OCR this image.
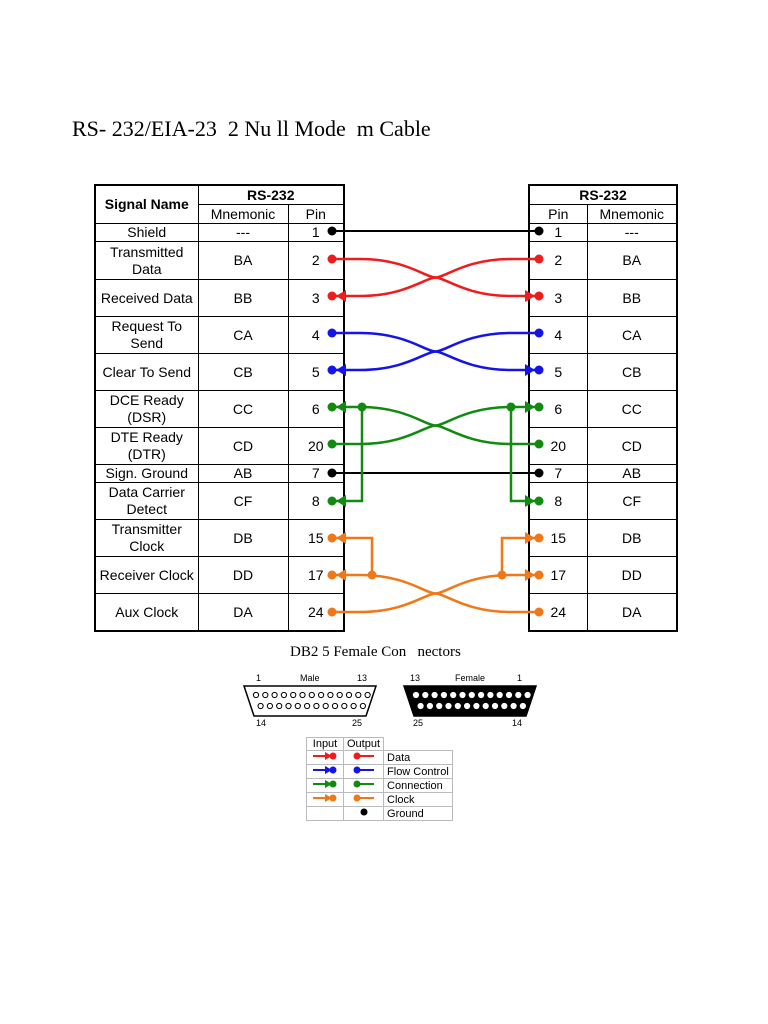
RS- 232/EIA-23  2 Nu ll Mode  m Cable
Signal Name	RS-232	
	Mnemonic	Pin
Shield	---	1
Transmitted Data	BA	2
Received Data	BB	3
Request To Send	CA	4
Clear To Send	CB	5
DCE Ready (DSR)	CC	6
DTE Ready (DTR)	CD	20
Sign. Ground	AB	7
Data Carrier Detect	CF	8
Transmitter Clock	DB	15
Receiver Clock	DD	17
Aux Clock	DA	24
RS-232	
Pin	Mnemonic
1	---
2	BA
3	BB
4	CA
5	CB
6	CC
20	CD
7	AB
8	CF
15	DB
17	DD
24	DA
DB2 5 Female Con   nectors
1	Male	13
14	25
13	Female	1
25	14
Input	Output	
		Data
		Flow Control
		Connection
		Clock
		Ground
